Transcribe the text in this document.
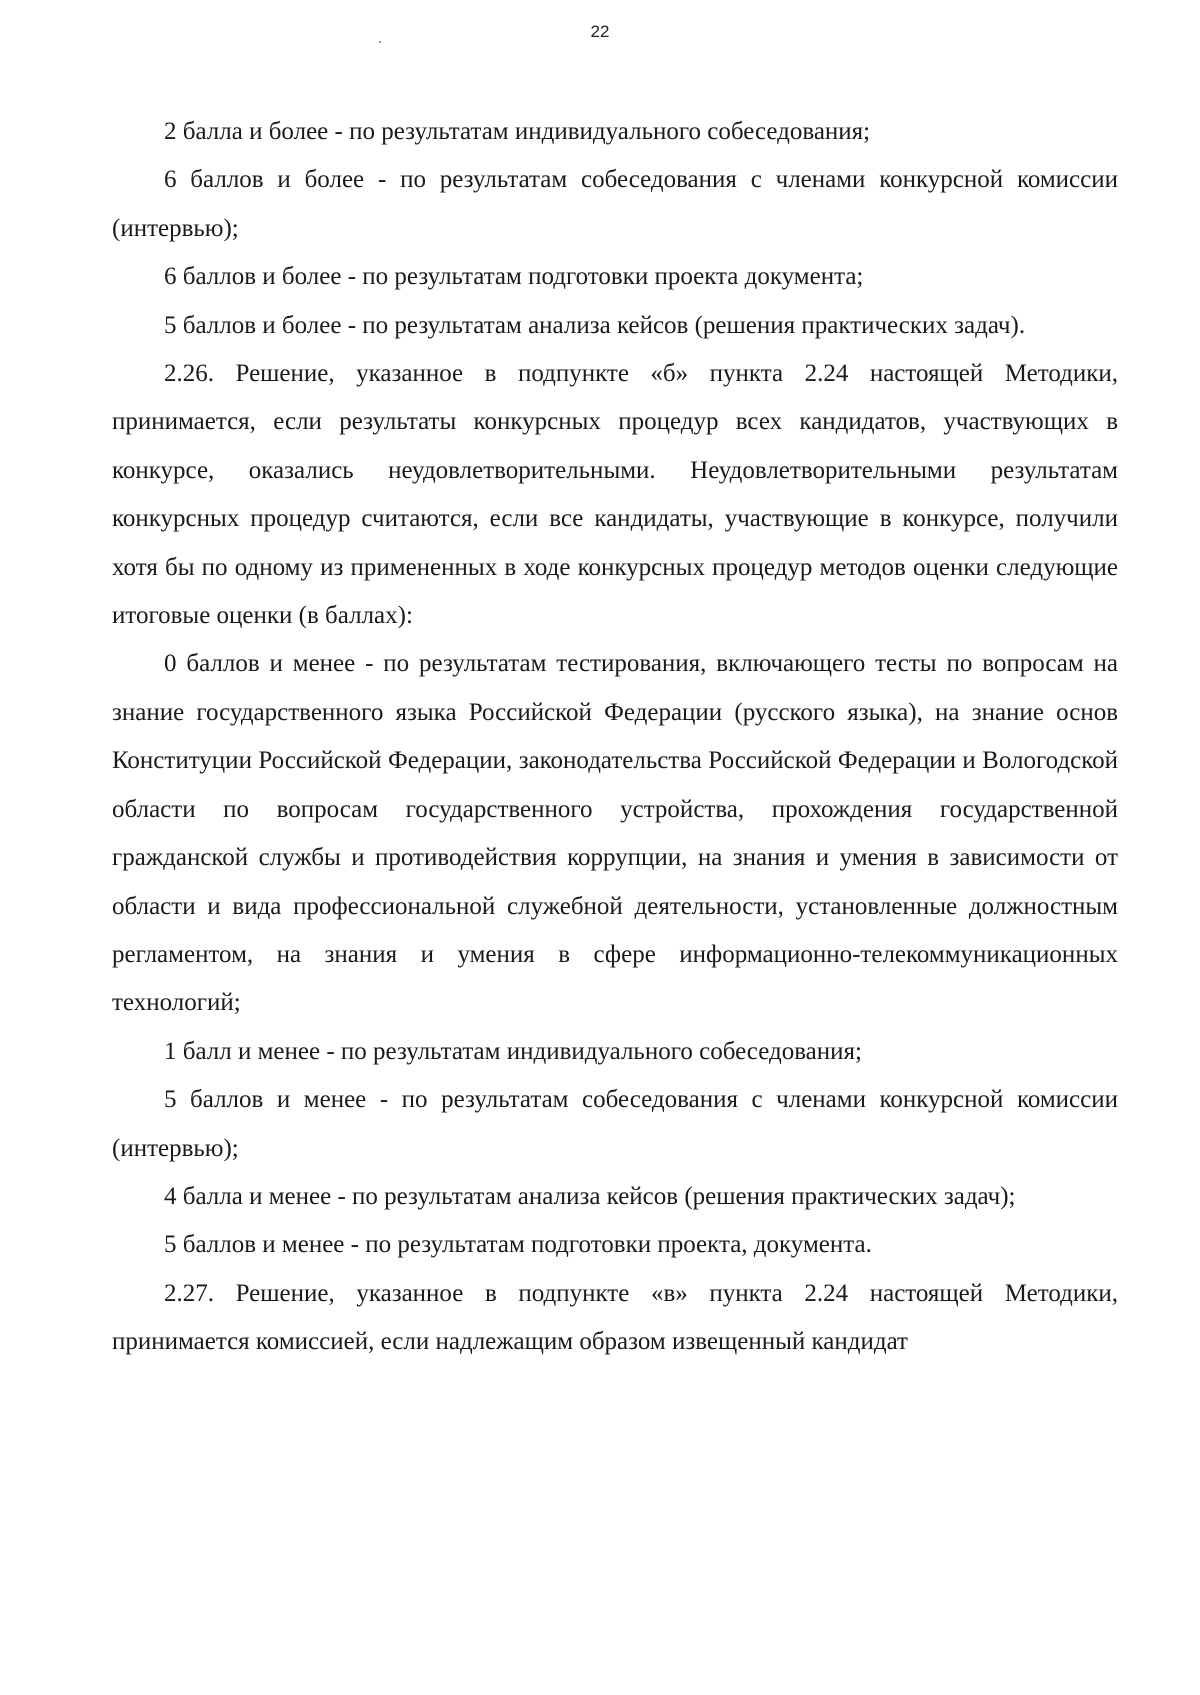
22

2 балла и более - по результатам индивидуального собеседования;

6 баллов и более - по результатам собеседования с членами конкурсной комиссии (интервью);

6 баллов и более - по результатам подготовки проекта документа;

5 баллов и более - по результатам анализа кейсов (решения практических задач).

2.26. Решение, указанное в подпункте «б» пункта 2.24 настоящей Методики, принимается, если результаты конкурсных процедур всех кандидатов, участвующих в конкурсе, оказались неудовлетворительными. Неудовлетворительными результатам конкурсных процедур считаются, если все кандидаты, участвующие в конкурсе, получили хотя бы по одному из примененных в ходе конкурсных процедур методов оценки следующие итоговые оценки (в баллах):

0 баллов и менее - по результатам тестирования, включающего тесты по вопросам на знание государственного языка Российской Федерации (русского языка), на знание основ Конституции Российской Федерации, законодательства Российской Федерации и Вологодской области по вопросам государственного устройства, прохождения государственной гражданской службы и противодействия коррупции, на знания и умения в зависимости от области и вида профессиональной служебной деятельности, установленные должностным регламентом, на знания и умения в сфере информационно-телекоммуникационных технологий;

1 балл и менее - по результатам индивидуального собеседования;

5 баллов и менее - по результатам собеседования с членами конкурсной комиссии (интервью);

4 балла и менее - по результатам анализа кейсов (решения практических задач);

5 баллов и менее - по результатам подготовки проекта, документа.

2.27. Решение, указанное в подпункте «в» пункта 2.24 настоящей Методики, принимается комиссией, если надлежащим образом извещенный кандидат
